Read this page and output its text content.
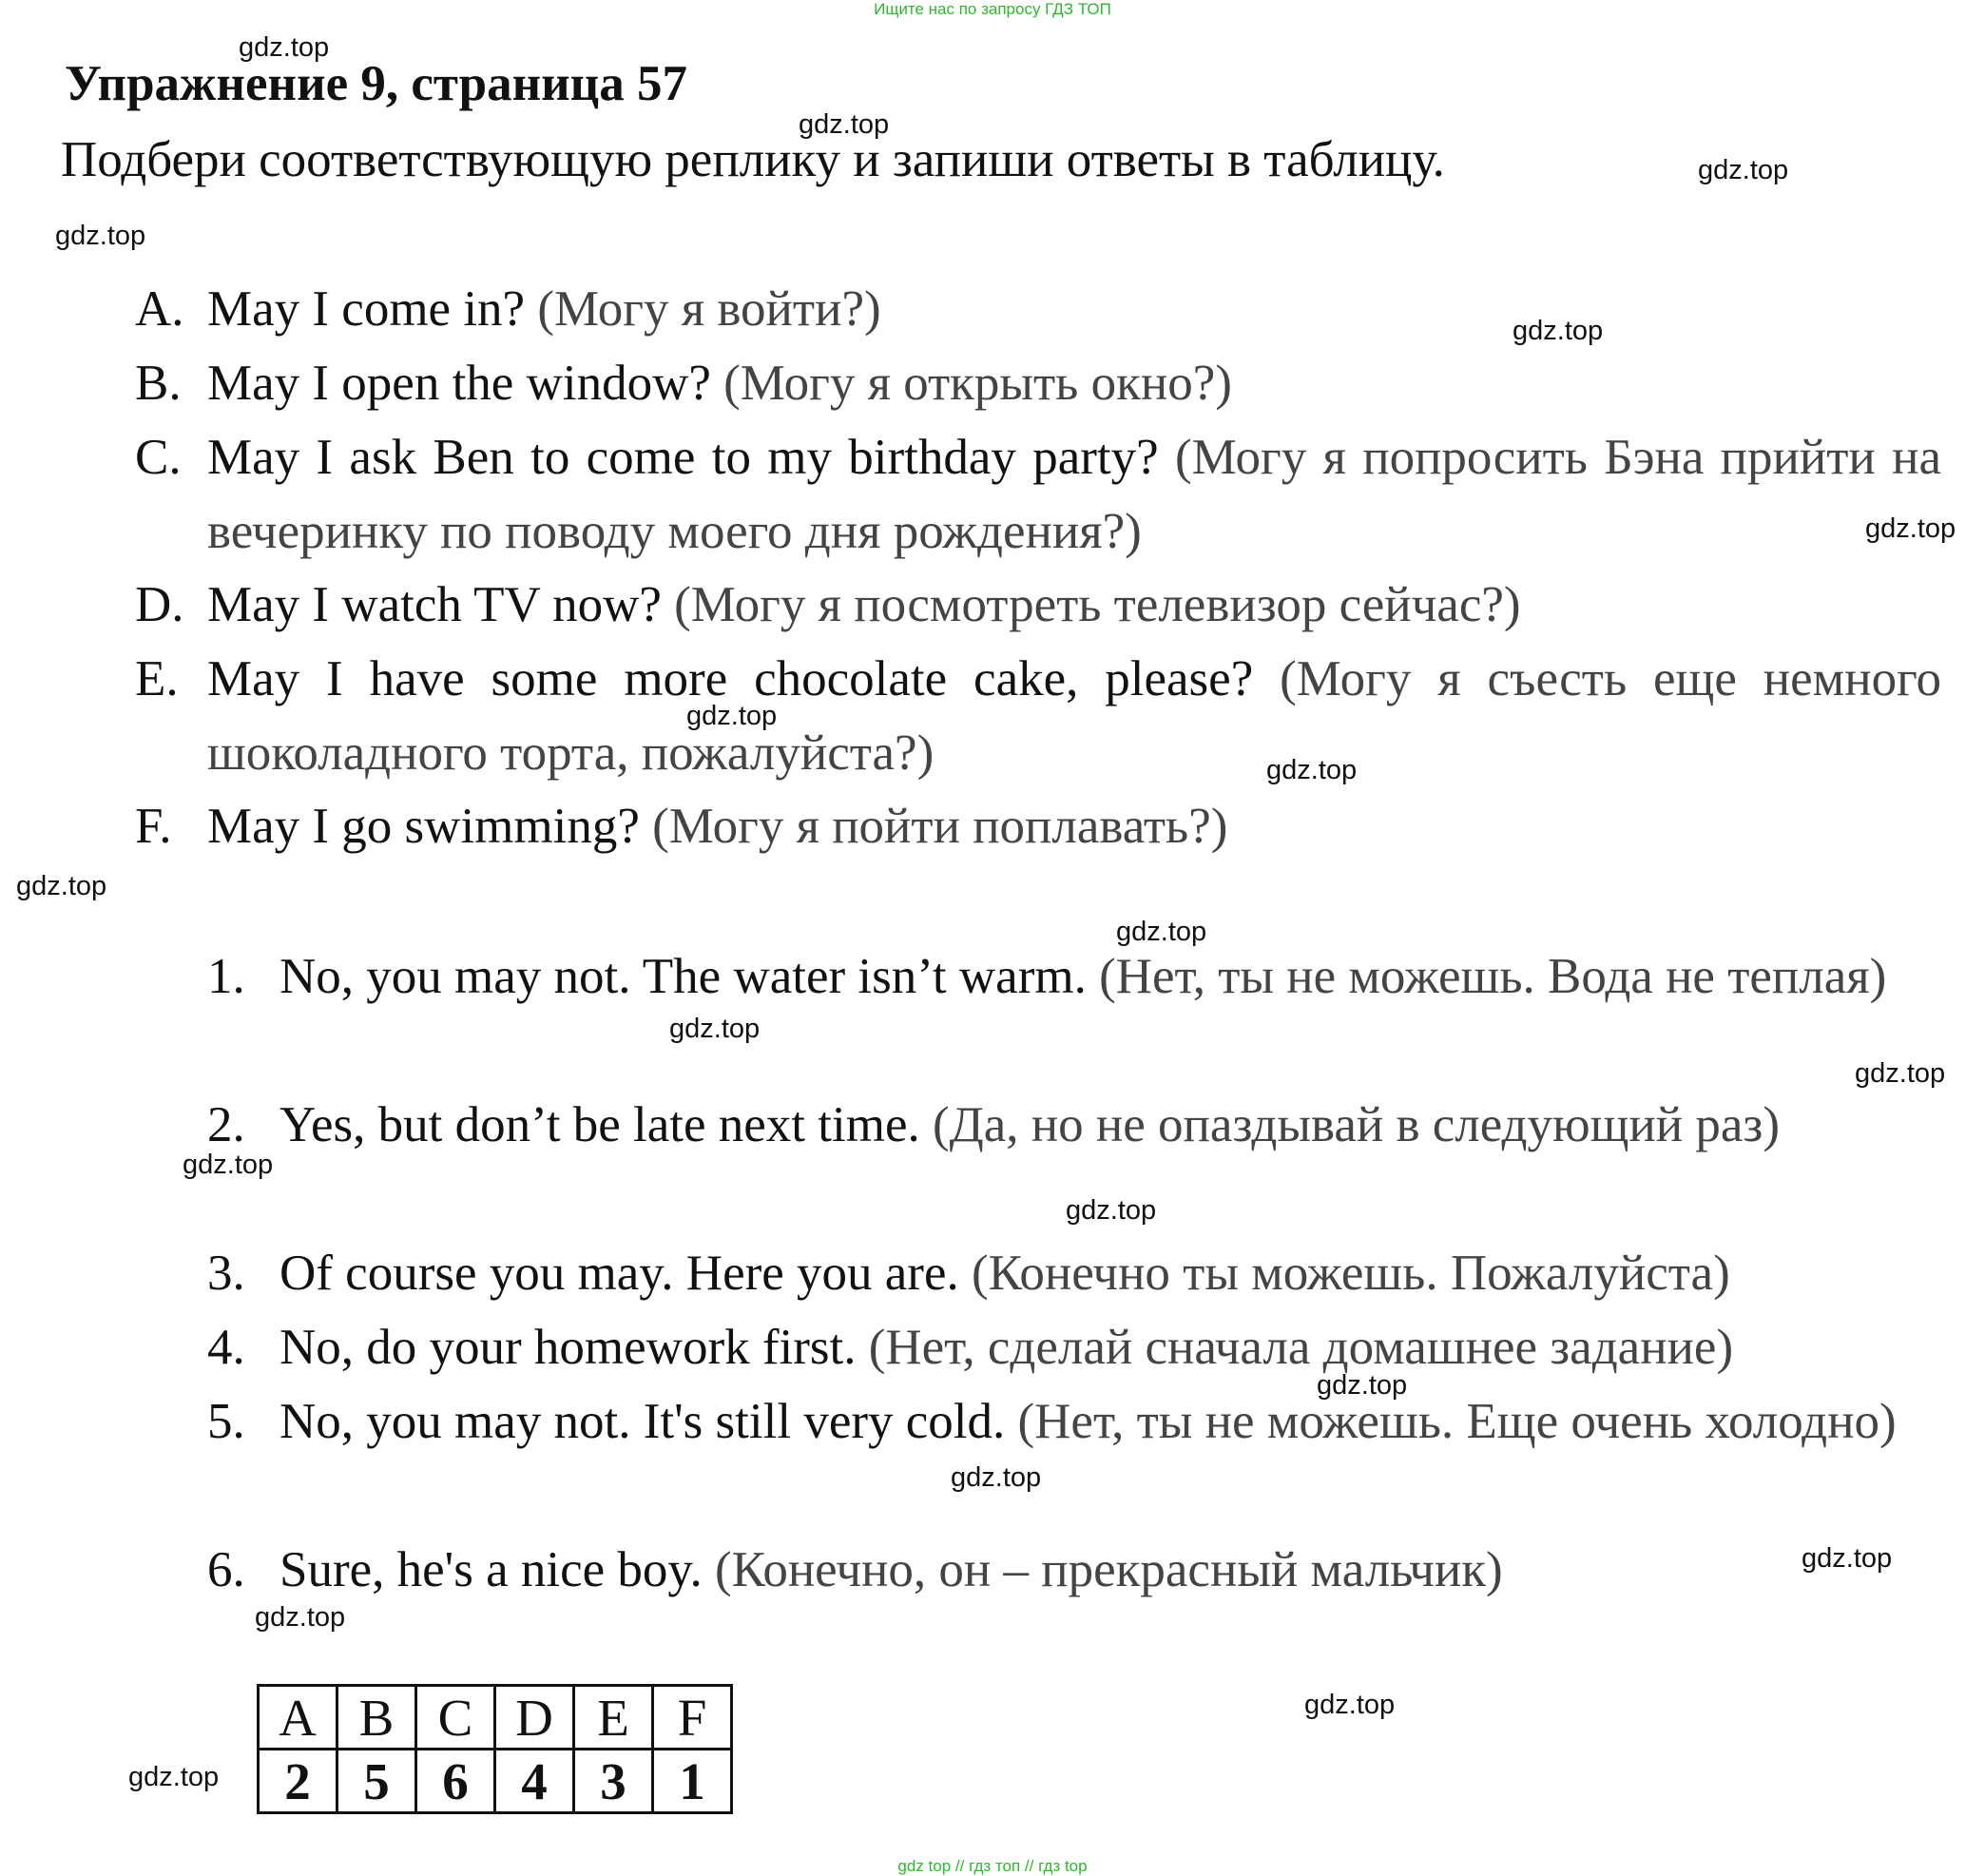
Ищите нас по запросу ГДЗ ТОП
Упражнение 9, страница 57
Подбери соответствующую реплику и запиши ответы в таблицу.
A. May I come in? (Могу я войти?)
B. May I open the window? (Могу я открыть окно?)
C. May I ask Ben to come to my birthday party? (Могу я попросить Бэна прийти на вечеринку по поводу моего дня рождения?)
D. May I watch TV now? (Могу я посмотреть телевизор сейчас?)
E. May I have some more chocolate cake, please? (Могу я съесть еще немного шоколадного торта, пожалуйста?)
F. May I go swimming? (Могу я пойти поплавать?)
1. No, you may not. The water isn’t warm. (Нет, ты не можешь. Вода не теплая)
2. Yes, but don’t be late next time. (Да, но не опаздывай в следующий раз)
3. Of course you may. Here you are. (Конечно ты можешь. Пожалуйста)
4. No, do your homework first. (Нет, сделай сначала домашнее задание)
5. No, you may not. It's still very cold. (Нет, ты не можешь. Еще очень холодно)
6. Sure, he's a nice boy. (Конечно, он – прекрасный мальчик)
A	B	C	D	E	F
2	5	6	4	3	1
gdz.top
gdz.top
gdz.top
gdz.top
gdz.top
gdz.top
gdz.top
gdz.top
gdz.top
gdz.top
gdz.top
gdz.top
gdz.top
gdz.top
gdz.top
gdz.top
gdz.top
gdz.top
gdz.top
gdz.top
gdz top // гдз топ // гдз top
